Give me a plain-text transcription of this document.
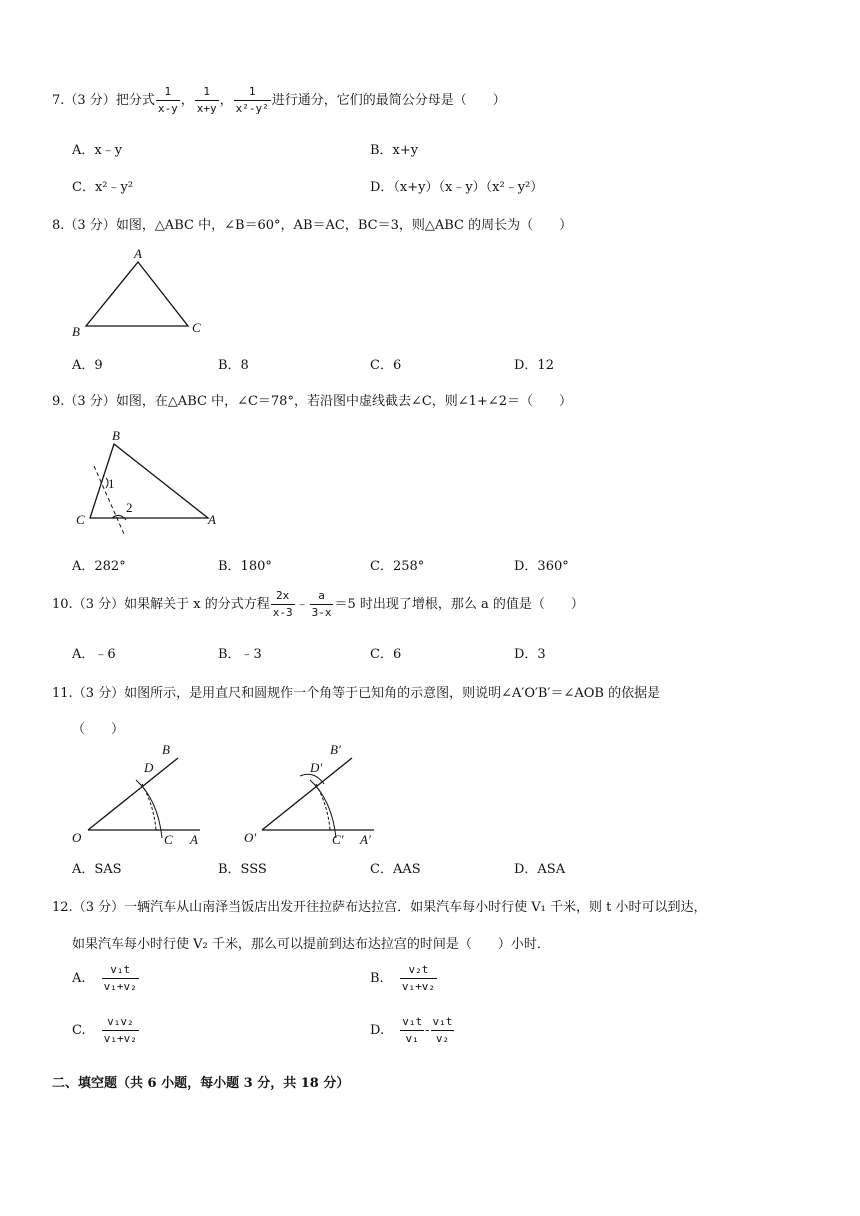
7.（3 分）把分式 $\frac{1}{x-y}$ ， $\frac{1}{x+y}$ ， $\frac{1}{\text{x²-y²}}$ 进行通分，它们的最简公分母是（　　）
A．x﹣y	B．x+y
C．x²﹣y²	D．（x+y）（x﹣y）（x²﹣y²）
8.（3 分）如图，△ABC 中，∠B＝60°，AB＝AC，BC＝3，则△ABC 的周长为（　　）
A
B	C
A．9	B．8	C．6	D．12
9.（3 分）如图，在△ABC 中，∠C＝78°，若沿图中虚线截去∠C，则∠1+∠2＝（　　）
B
C	A
1
2
A．282°	B．180°	C．258°	D．360°
10.（3 分）如果解关于 x 的分式方程 $\frac{2x}{x-3}$ ﹣ $\frac{a}{3-x} =5$ 时出现了增根，那么 a 的值是（　　）
A．﹣6	B．﹣3	C．6	D．3
11.（3 分）如图所示，是用直尺和圆规作一个角等于已知角的示意图，则说明∠A′O′B′＝∠AOB 的依据是
（　　）
O	C A
D
B
O′	C′ A′
D′
B′
A．SAS	B．SSS	C．AAS	D．ASA
12.（3 分）一辆汽车从山南泽当饭店出发开往拉萨布达拉宫．如果汽车每小时行使 V₁ 千米，则 t 小时可以到达，
如果汽车每小时行使 V₂ 千米，那么可以提前到达布达拉宫的时间是（　　）小时．
A. $\frac{\text{v₁t}}{\text{v₁+v₂}}$	B. $\frac{\text{v₂t}}{\text{v₁+v₂}}$
C. $\frac{\text{v₁v₂}}{\text{v₁+v₂}}$	D. $\frac{\text{v₁t}}{\text{v₁}} - \frac{\text{v₁t}}{\text{v₂}}$
二、填空题（共 6 小题，每小题 3 分，共 18 分）
